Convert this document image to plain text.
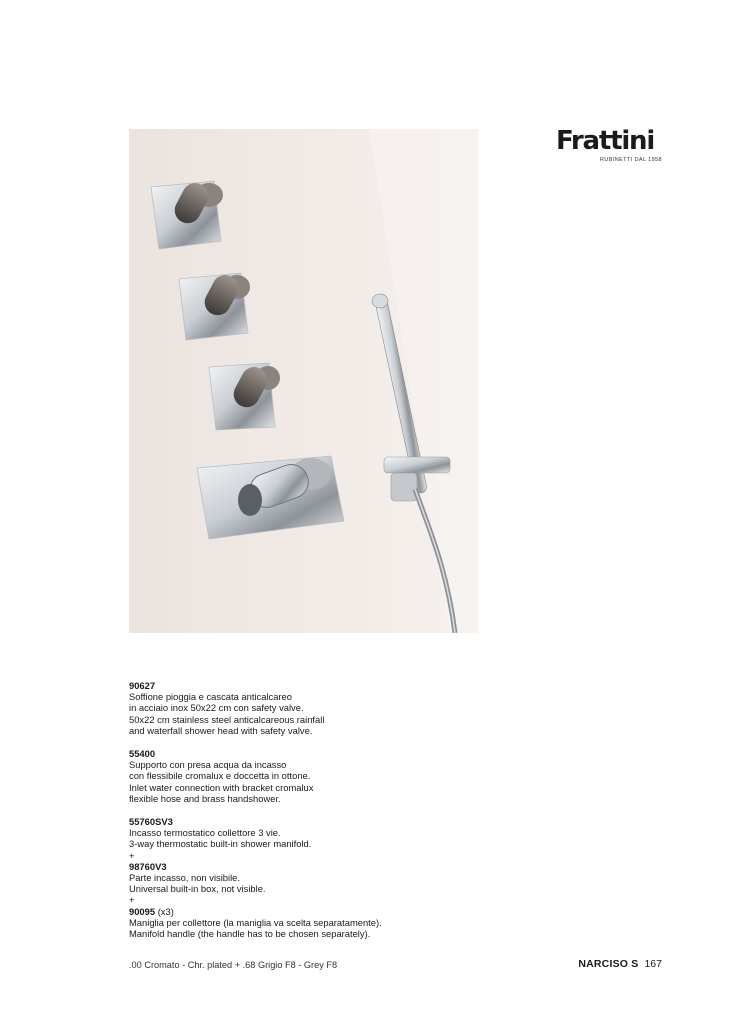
Frattini
RUBINETTI DAL 1958
90627
Soffione pioggia e cascata anticalcareo
in acciaio inox 50x22 cm con safety valve.
50x22 cm stainless steel anticalcareous rainfall
and waterfall shower head with safety valve.
55400
Supporto con presa acqua da incasso
con flessibile cromalux e doccetta in ottone.
Inlet water connection with bracket cromalux
flexible hose and brass handshower.
55760SV3
Incasso termostatico collettore 3 vie.
3-way thermostatic built-in shower manifold.
+
98760V3
Parte incasso, non visibile.
Universal built-in box, not visible.
+
90095 (x3)
Maniglia per collettore (la maniglia va scelta separatamente).
Manifold handle (the handle has to be chosen separately).
.00 Cromato - Chr. plated + .68 Grigio F8 - Grey F8	NARCISO S 167
